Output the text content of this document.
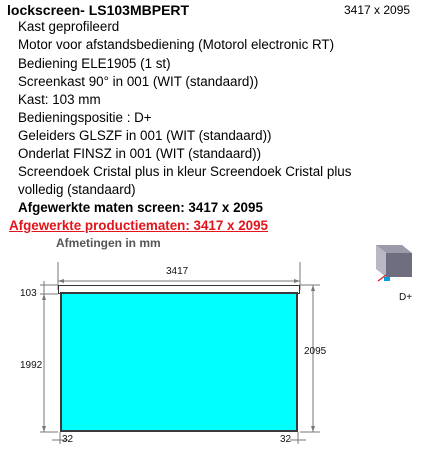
lockscreen- LS103MBPERT	3417 x 2095
Kast geprofileerd
Motor voor afstandsbediening (Motorol electronic RT)
Bediening ELE1905 (1 st)
Screenkast 90° in 001 (WIT (standaard))
Kast: 103 mm
Bedieningspositie : D+
Geleiders GLSZF in 001 (WIT (standaard))
Onderlat FINSZ in 001 (WIT (standaard))
Screendoek Cristal plus in kleur Screendoek Cristal plus
volledig (standaard)
Afgewerkte maten screen: 3417 x 2095
Afgewerkte productiematen: 3417 x 2095
Afmetingen in mm
3417
103
1992
2095
32	32
D+
